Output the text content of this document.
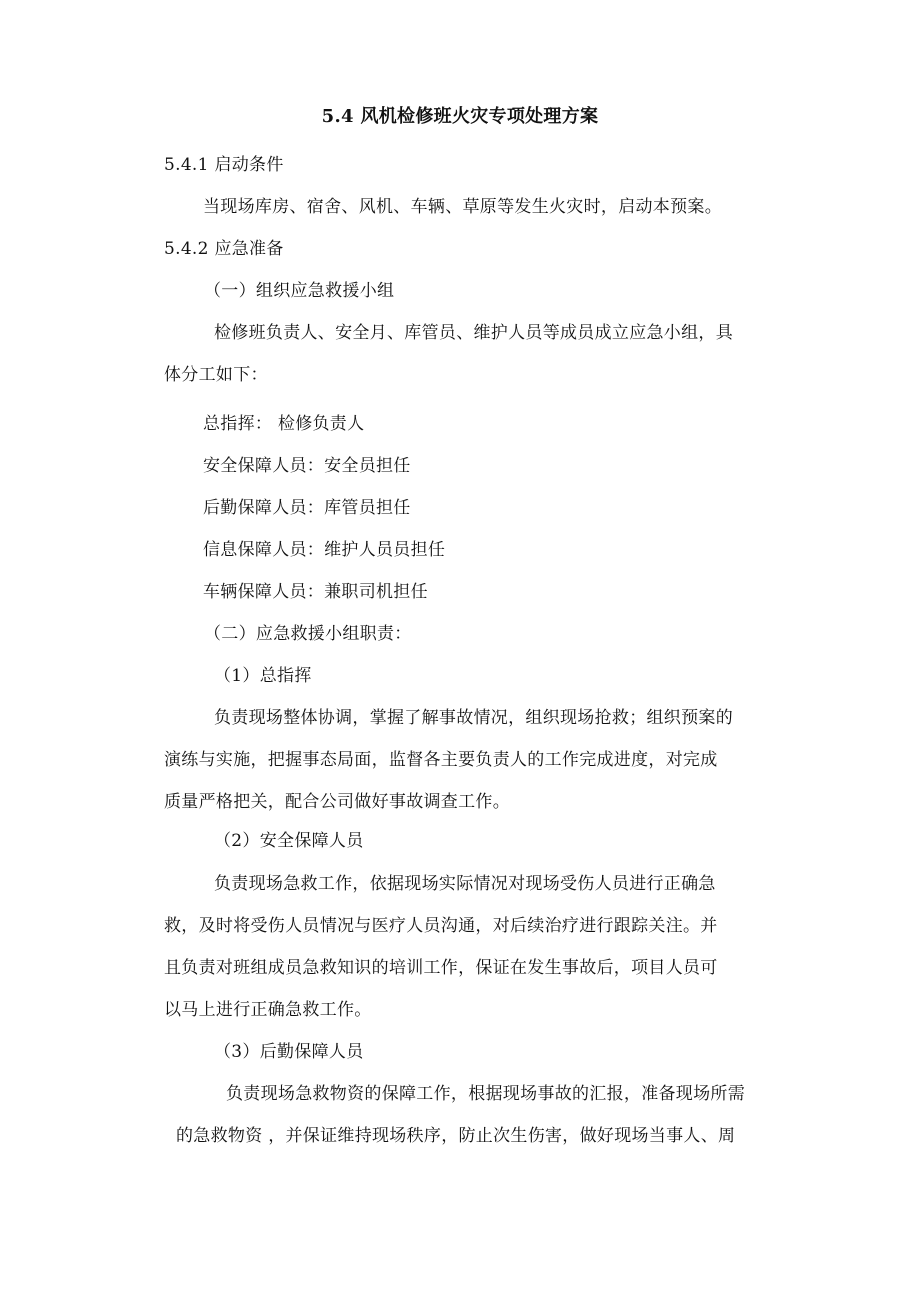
5.4 风机检修班火灾专项处理方案
5.4.1 启动条件
当现场库房、宿舍、风机、车辆、草原等发生火灾时，启动本预案。
5.4.2 应急准备
（一）组织应急救援小组
检修班负责人、安全月、库管员、维护人员等成员成立应急小组，具
体分工如下：
总指挥： 检修负责人
安全保障人员：安全员担任
后勤保障人员：库管员担任
信息保障人员：维护人员员担任
车辆保障人员：兼职司机担任
（二）应急救援小组职责：
（1）总指挥
负责现场整体协调，掌握了解事故情况，组织现场抢救；组织预案的
演练与实施，把握事态局面，监督各主要负责人的工作完成进度，对完成
质量严格把关，配合公司做好事故调查工作。
（2）安全保障人员
负责现场急救工作，依据现场实际情况对现场受伤人员进行正确急
救，及时将受伤人员情况与医疗人员沟通，对后续治疗进行跟踪关注。并
且负责对班组成员急救知识的培训工作，保证在发生事故后，项目人员可
以马上进行正确急救工作。
（3）后勤保障人员
负责现场急救物资的保障工作，根据现场事故的汇报，准备现场所需
的急救物资 ，并保证维持现场秩序，防止次生伤害，做好现场当事人、周
